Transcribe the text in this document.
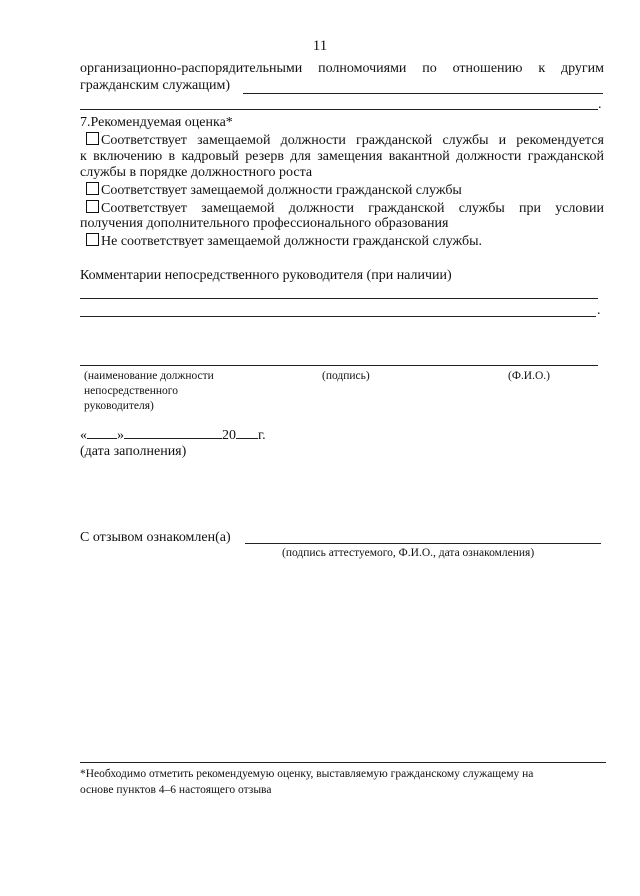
11
организационно-распорядительными полномочиями по отношению к другим
гражданским служащим)
.
7.Рекомендуемая оценка*
Соответствует замещаемой должности гражданской службы и рекомендуется
к включению в кадровый резерв для замещения вакантной должности гражданской
службы в порядке должностного роста
Соответствует замещаемой должности гражданской службы
Соответствует замещаемой должности гражданской службы при условии
получения дополнительного профессионального образования
Не соответствует замещаемой должности гражданской службы.
Комментарии непосредственного руководителя (при наличии)
.
(наименование должности
непосредственного
руководителя)
(подпись)	(Ф.И.О.)
« »	20 г.
(дата заполнения)
С отзывом ознакомлен(а)
(подпись аттестуемого, Ф.И.О., дата ознакомления)
*Необходимо отметить рекомендуемую оценку, выставляемую гражданскому служащему на
основе пунктов 4–6 настоящего отзыва
